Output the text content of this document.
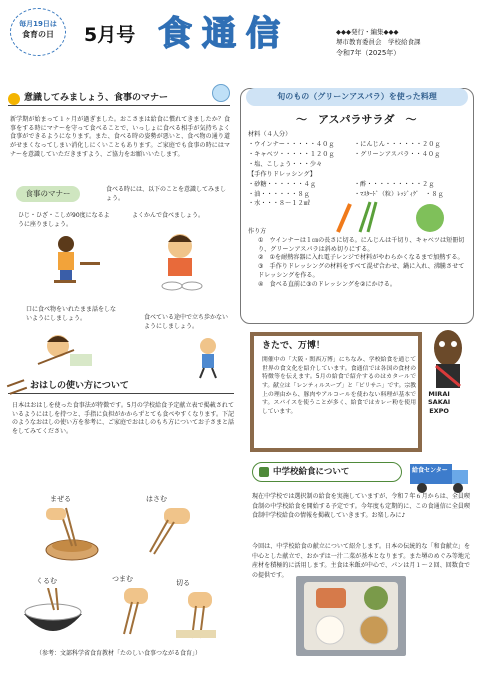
毎月19日は
食育の日	5月号 食 通 信	◆◆◆発行・編集◆◆◆
堺市教育委員会　学校給食課
令和7年（2025年）
意識してみましょう、食事のマナー

新学期が始まって１ヶ月が過ぎました。おこさまは給食に慣れてきましたか？食事をする時にマナーを守って食べることで、いっしょに食べる相手が気持ちよく食事ができるようになります。また、食べる時の姿勢が悪いと、食べ物の通り道がせまくなってしまい消化しにくいこともあります。ご家庭でも食事の時にはマナーを意識していただきますよう、ご協力をお願いいたします。

食事のマナー	食べる時には、以下のことを意識してみましょう。
ひじ・ひざ・こしが90度になるように座りましょう。
よくかんで食べましょう。
口に食べ物をいれたまま話をしないようにしましょう。	食べている途中で立ち歩かないようにしましょう。
おはしの使い方について

日本はおはしを使った食事法が特徴です。5月の学校給食予定献立表で掲載されているようにはしを持つと、手指に負担がかからずとても食べやすくなります。下記のようなおはしの使い方を参考に、ご家庭でおはしのもち方についてお子さまと話をしてみてください。

まぜる	はさむ
くるむ	つまむ	切る
（参考：文部科学省食育教材「たのしい食事つながる食育」）
旬のもの（グリーンアスパラ）を使った料理
～　アスパラサラダ　～
材料（４人分）
・ウインナー・・・・・４０ｇ
・キャベツ・・・・・１２０ｇ
・塩、こしょう・・・少々
・にんじん・・・・・・２０ｇ
・グリーンアスパラ・・４０ｇ
【手作りドレッシング】
・砂糖・・・・・・４ｇ
・油・・・・・・８ｇ
・水・・・８～１２㎖
・酢・・・・・・・・・２ｇ
・ﾏｽﾀｰﾄﾞ（粒）ﾚｯｼﾞｨｸﾞ　・８ｇ
作り方
①　ウインナーは１㎝の長さに切る。にんじんは千切り、キャベツは短冊切り、グリーンアスパラは斜め切りにする。
②　①を耐熱容器に入れ電子レンジで材料がやわらかくなるまで加熱する。
③　手作りドレッシングの材料をすべて混ぜ合わせ、鍋に入れ、沸騰させてドレッシングを作る。
④　食べる直前に③のドレッシングを②にかける。
きたで、万博！

開催中の「大阪・関西万博」にちなみ、学校給食を通じて世界の食文化を紹介しています。食通信では各国の食材の特徴等を伝えます。5月の給食で紹介するのはカタールです。献立は「レンティルスープ」と「ピリサニ」です。宗教上の理由から、豚肉やアルコールを使わない料理が基本です。スパイスを使うことが多く、給食ではカレー粉を使用しています。

MIRAI
SAKAI
EXPO
中学校給食について	給食センター

現在中学校では選択制の給食を実施していますが、令和７年６月からは、全員喫食制の中学校給食を開始する予定です。今年度も定期的に、この食通信に全員喫食制中学校給食の情報を掲載していきます。お楽しみに♪

今回は、中学校給食の献立について紹介します。日本の伝統的な「和食献立」を中心とした献立で、おかずは一汁二菜が基本となります。また堺のめぐみ等地元産材を積極的に活用します。主食は米飯が中心で、パンは月１～２回、回数食での提供です。
